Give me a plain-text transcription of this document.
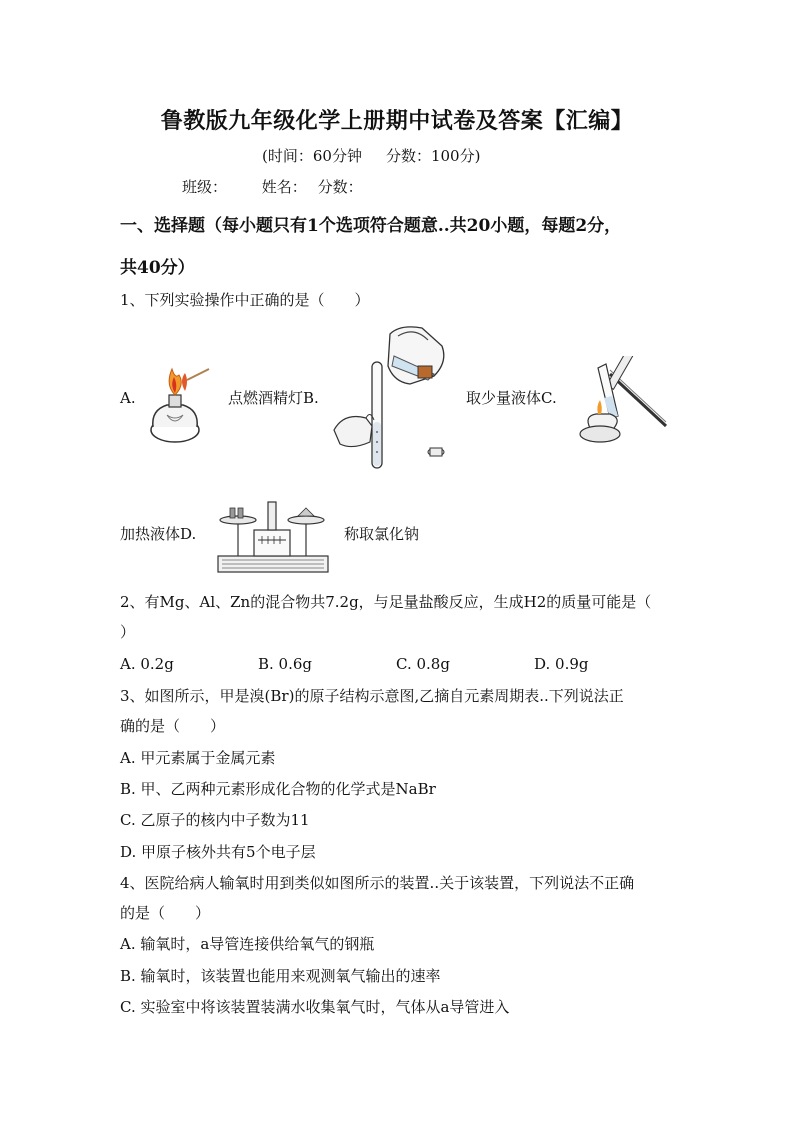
鲁教版九年级化学上册期中试卷及答案【汇编】
(时间：60分钟 分数：100分)
班级： 姓名： 分数：
一、选择题（每小题只有1个选项符合题意..共20小题，每题2分，
共40分）
1、下列实验操作中正确的是（　　）
A.	点燃酒精灯B.	取少量液体C.
加热液体D.	称取氯化钠
2、有Mg、Al、Zn的混合物共7.2g，与足量盐酸反应，生成H2的质量可能是（
）
A. 0.2g	B. 0.6g	C. 0.8g	D. 0.9g
3、如图所示，甲是溴(Br)的原子结构示意图,乙摘自元素周期表..下列说法正
确的是（　　）
A. 甲元素属于金属元素
B. 甲、乙两种元素形成化合物的化学式是NaBr
C. 乙原子的核内中子数为11
D. 甲原子核外共有5个电子层
4、医院给病人输氧时用到类似如图所示的装置..关于该装置，下列说法不正确
的是（　　）
A. 输氧时，a导管连接供给氧气的钢瓶
B. 输氧时，该装置也能用来观测氧气输出的速率
C. 实验室中将该装置装满水收集氧气时，气体从a导管进入
